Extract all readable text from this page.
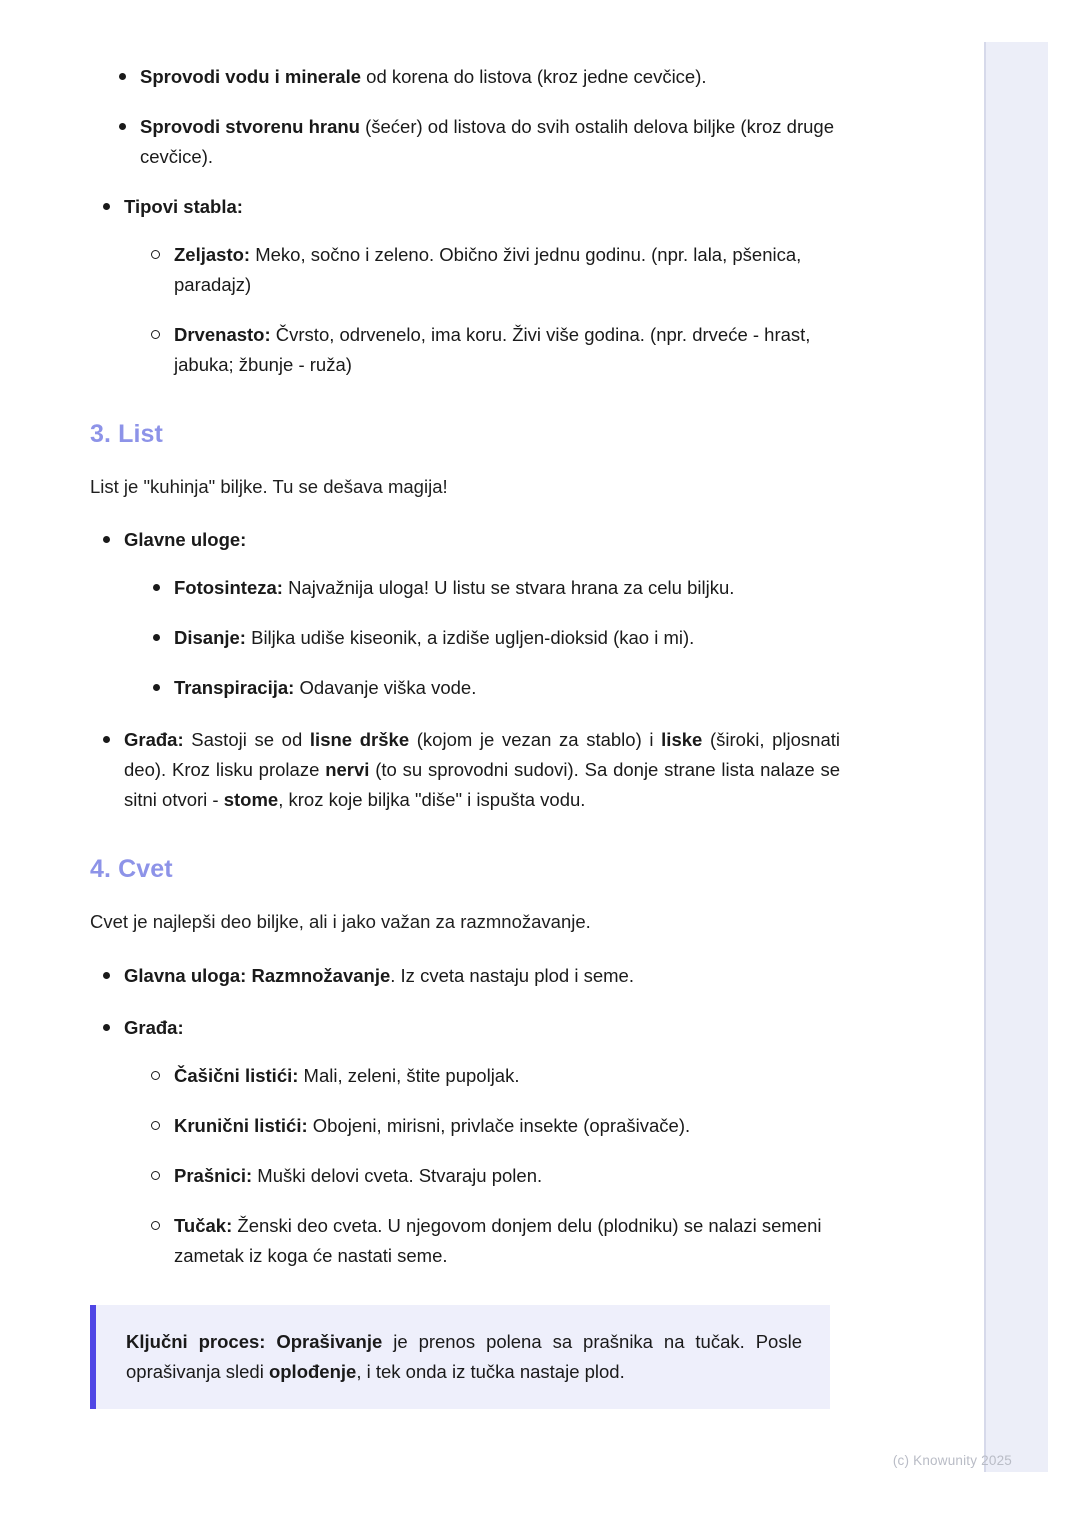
Sprovodi vodu i minerale od korena do listova (kroz jedne cevčice).
Sprovodi stvorenu hranu (šećer) od listova do svih ostalih delova biljke (kroz druge cevčice).
Tipovi stabla:
Zeljasto: Meko, sočno i zeleno. Obično živi jednu godinu. (npr. lala, pšenica, paradajz)
Drvenasto: Čvrsto, odrvenelo, ima koru. Živi više godina. (npr. drveće - hrast, jabuka; žbunje - ruža)
3. List

List je "kuhinja" biljke. Tu se dešava magija!

Glavne uloge:
Fotosinteza: Najvažnija uloga! U listu se stvara hrana za celu biljku.
Disanje: Biljka udiše kiseonik, a izdiše ugljen-dioksid (kao i mi).
Transpiracija: Odavanje viška vode.
Građa: Sastoji se od lisne drške (kojom je vezan za stablo) i liske (široki, pljosnati deo). Kroz lisku prolaze nervi (to su sprovodni sudovi). Sa donje strane lista nalaze se sitni otvori - stome, kroz koje biljka "diše" i ispušta vodu.
4. Cvet

Cvet je najlepši deo biljke, ali i jako važan za razmnožavanje.

Glavna uloga: Razmnožavanje. Iz cveta nastaju plod i seme.
Građa:
Čašični listići: Mali, zeleni, štite pupoljak.
Krunični listići: Obojeni, mirisni, privlače insekte (oprašivače).
Prašnici: Muški delovi cveta. Stvaraju polen.
Tučak: Ženski deo cveta. U njegovom donjem delu (plodniku) se nalazi semeni zametak iz koga će nastati seme.
Ključni proces: Oprašivanje je prenos polena sa prašnika na tučak. Posle oprašivanja sledi oplođenje, i tek onda iz tučka nastaje plod.
(c) Knowunity 2025
